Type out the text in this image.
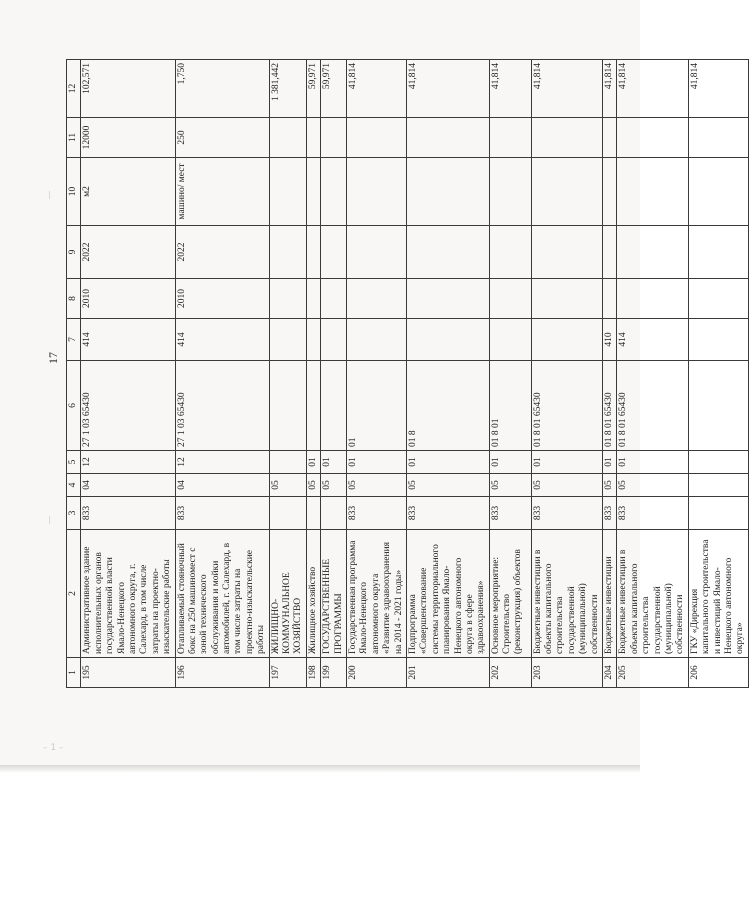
—
—
– 1 –
17
1	2	3	4	5	6	7	8	9	10	11	12
195	Административное здание исполнительных органов государственной власти Ямало-Ненецкого автономного округа, г. Салехард, в том числе затраты на проектно-изыскательские работы	833	04	12	27 1 03 65430	414	2010	2022	м2	12000	102,571
196	Отапливаемый стояночный бокс на 250 машиномест с зоной технического обслуживания и мойки автомобилей, г. Салехард, в том числе затраты на проектно-изыскательские работы	833	04	12	27 1 03 65430	414	2010	2022	машино/ мест	250	1,750
197	ЖИЛИЩНО-КОММУНАЛЬНОЕ ХОЗЯЙСТВО		05								1 381,442
198	Жилищное хозяйство		05	01							59,971
199	ГОСУДАРСТВЕННЫЕ ПРОГРАММЫ		05	01							59,971
200	Государственная программа Ямало-Ненецкого автономного округа «Развитие здравоохранения на 2014 - 2021 годы»	833	05	01	01						41,814
201	Подпрограмма «Совершенствование системы территориального планирования Ямало-Ненецкого автономного округа в сфере здравоохранения»	833	05	01	01 8						41,814
202	Основное мероприятие: Строительство (реконструкция) объектов	833	05	01	01 8 01						41,814
203	Бюджетные инвестиции в объекты капитального строительства государственной (муниципальной) собственности	833	05	01	01 8 01 65430						41,814
204	Бюджетные инвестиции	833	05	01	01 8 01 65430	410					41,814
205	Бюджетные инвестиции в объекты капитального строительства государственной (муниципальной) собственности	833	05	01	01 8 01 65430	414					41,814
206	ГКУ «Дирекция капитального строительства и инвестиций Ямало-Ненецкого автономного округа»										41,814
